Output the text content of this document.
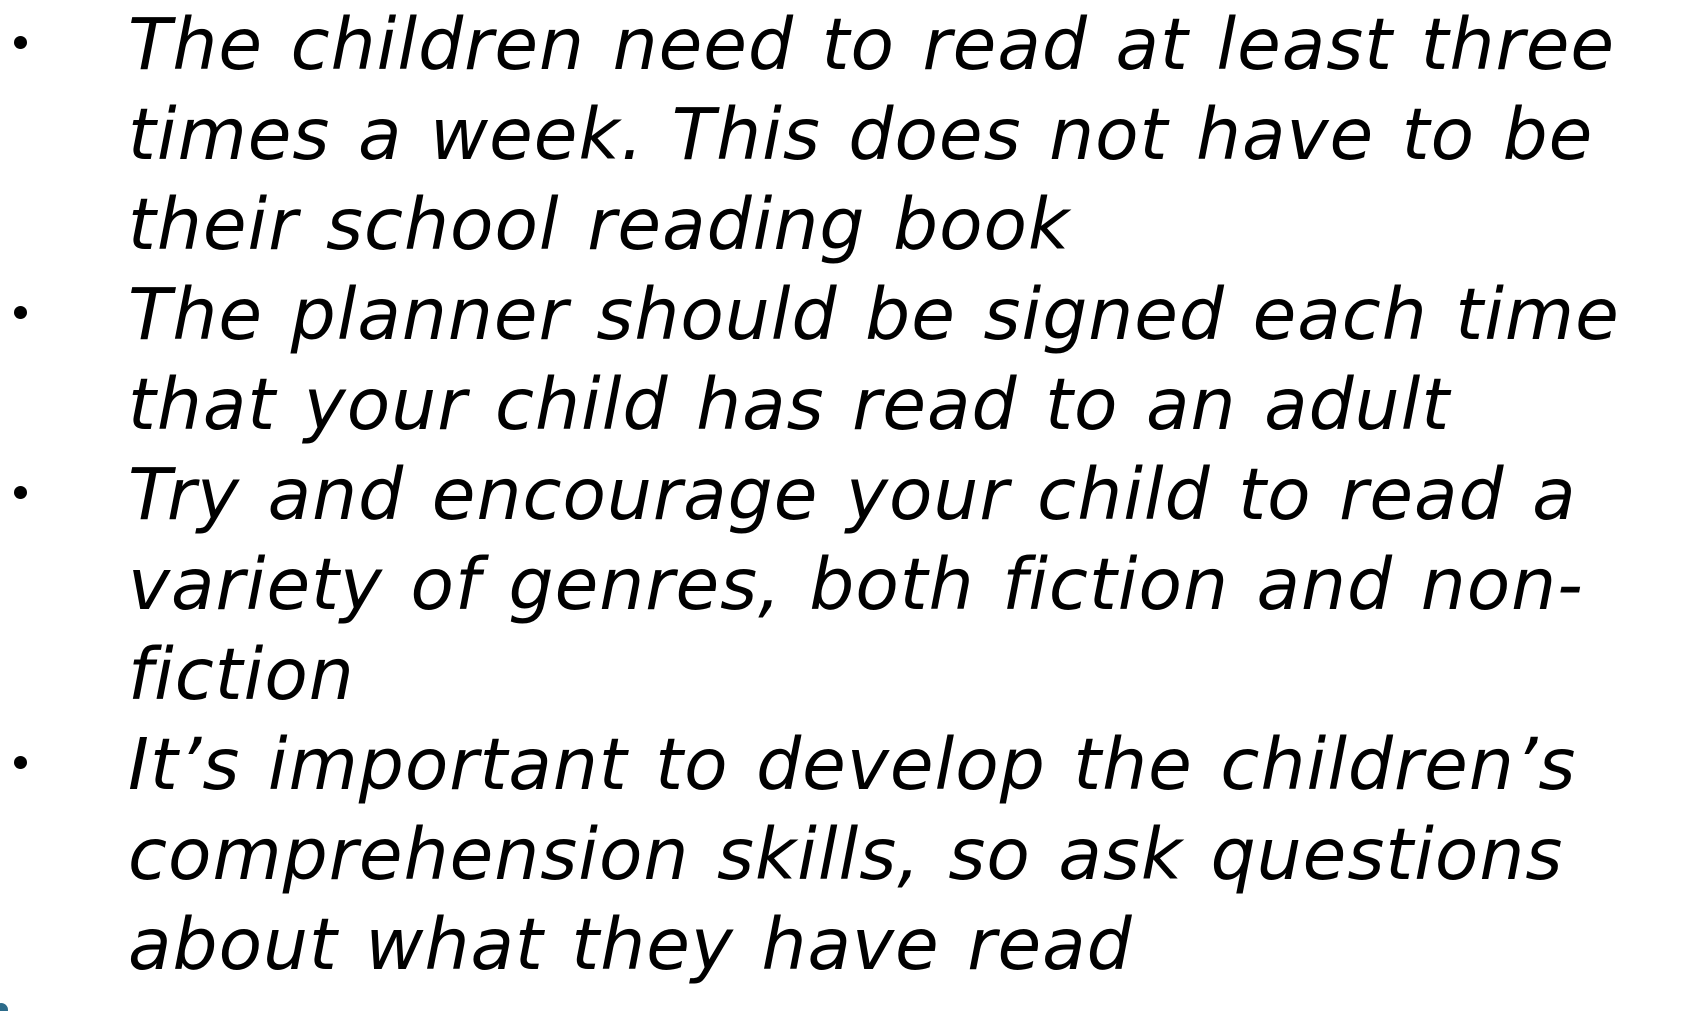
The children need to read at least three
times a week. This does not have to be
their school reading book
The planner should be signed each time
that your child has read to an adult
Try and encourage your child to read a
variety of genres, both fiction and non-
fiction
It’s important to develop the children’s
comprehension skills, so ask questions
about what they have read
